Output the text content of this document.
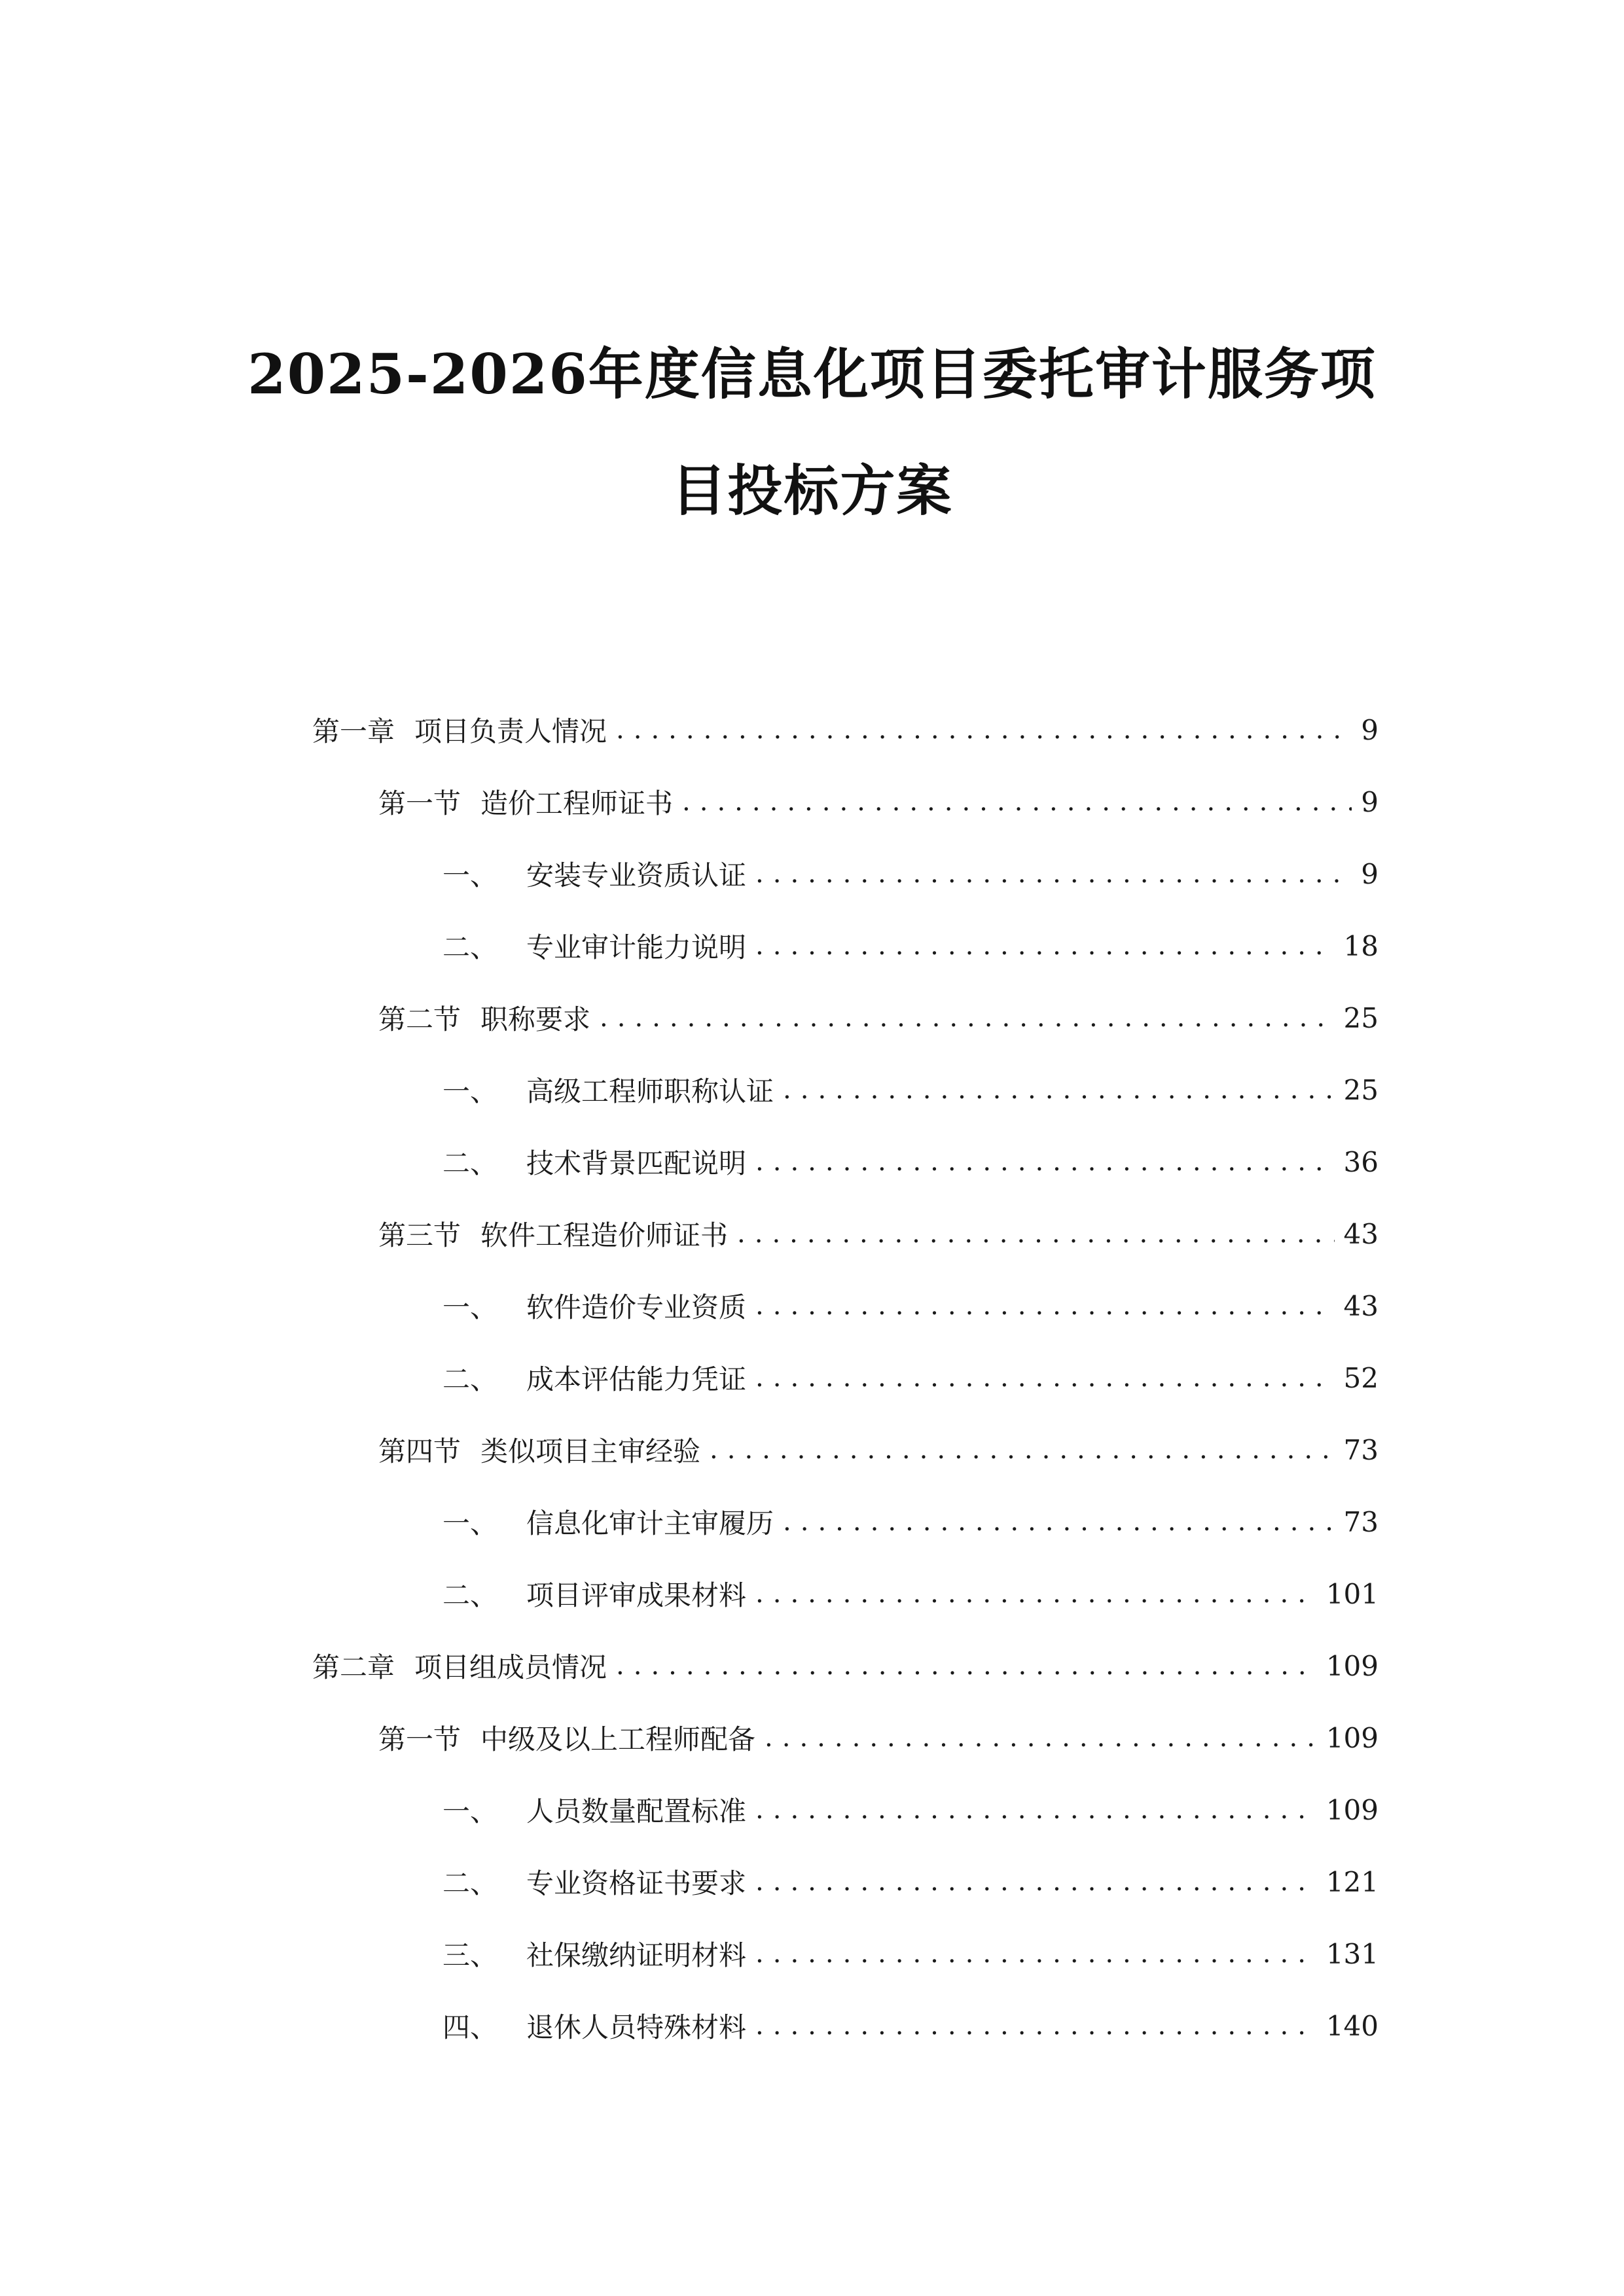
2025-2026年度信息化项目委托审计服务项
目投标方案
第一章 项目负责人情况 .....	9
第一节 造价工程师证书 .....	9
一、 安装专业资质认证 .....	9
二、 专业审计能力说明 .....	18
第二节 职称要求 .....	25
一、 高级工程师职称认证 .....	25
二、 技术背景匹配说明 .....	36
第三节 软件工程造价师证书 .....	43
一、 软件造价专业资质 .....	43
二、 成本评估能力凭证 .....	52
第四节 类似项目主审经验 .....	73
一、 信息化审计主审履历 .....	73
二、 项目评审成果材料 .....	101
第二章 项目组成员情况 .....	109
第一节 中级及以上工程师配备 .....	109
一、 人员数量配置标准 .....	109
二、 专业资格证书要求 .....	121
三、 社保缴纳证明材料 .....	131
四、 退休人员特殊材料 .....	140
